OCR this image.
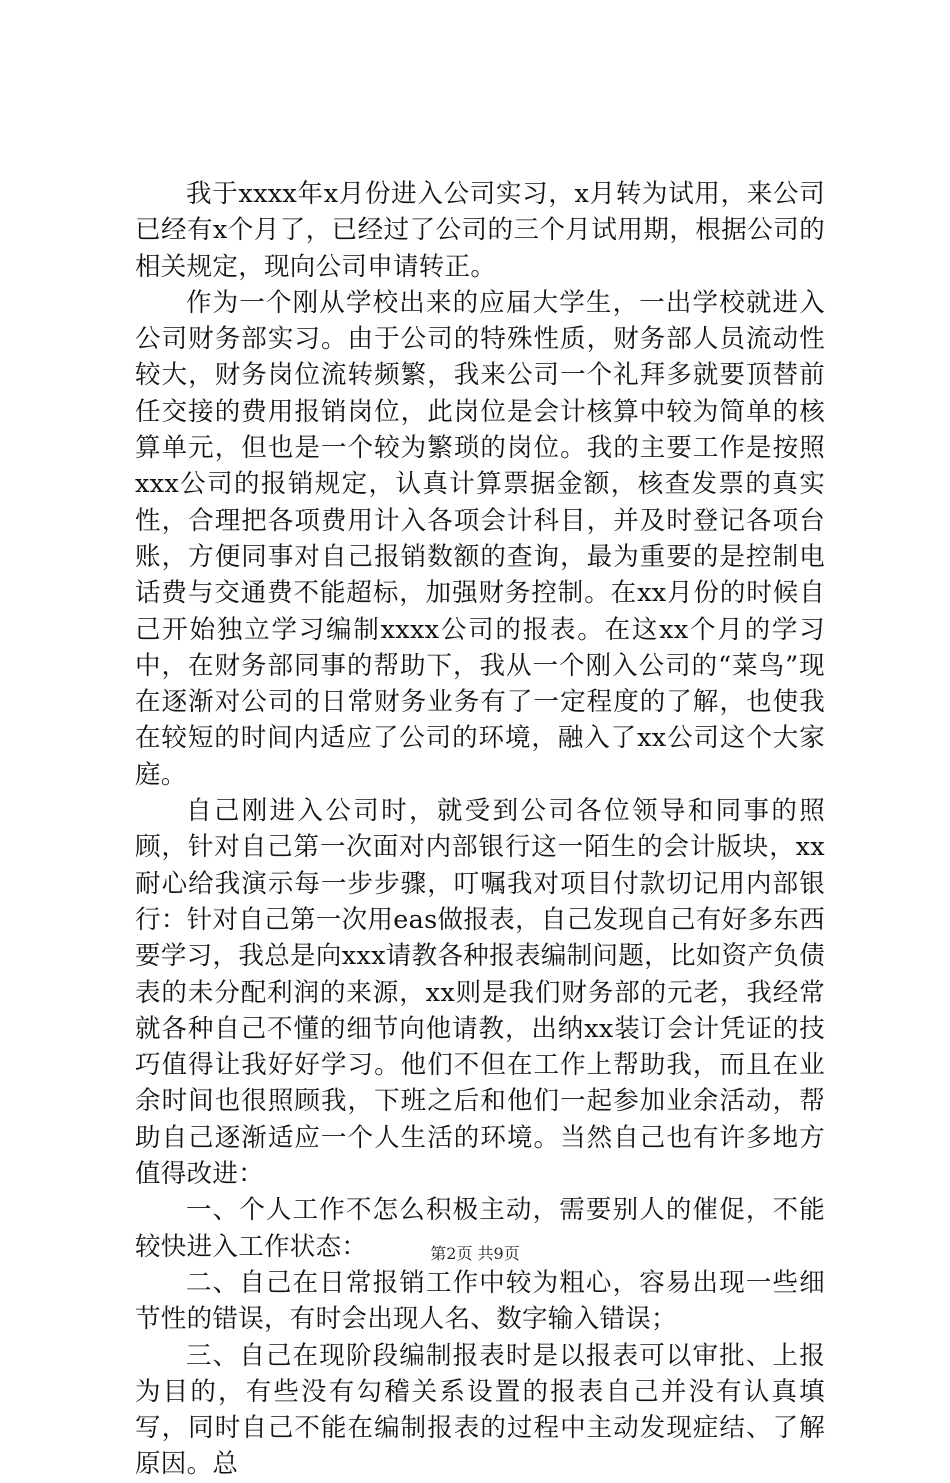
我于xxxx年x月份进入公司实习，x月转为试用，来公司已经有x个月了，已经过了公司的三个月试用期，根据公司的相关规定，现向公司申请转正。

作为一个刚从学校出来的应届大学生，一出学校就进入公司财务部实习。由于公司的特殊性质，财务部人员流动性较大，财务岗位流转频繁，我来公司一个礼拜多就要顶替前任交接的费用报销岗位，此岗位是会计核算中较为简单的核算单元，但也是一个较为繁琐的岗位。我的主要工作是按照xxx公司的报销规定，认真计算票据金额，核查发票的真实性，合理把各项费用计入各项会计科目，并及时登记各项台账，方便同事对自己报销数额的查询，最为重要的是控制电话费与交通费不能超标，加强财务控制。在xx月份的时候自己开始独立学习编制xxxx公司的报表。在这xx个月的学习中，在财务部同事的帮助下，我从一个刚入公司的“菜鸟”现在逐渐对公司的日常财务业务有了一定程度的了解，也使我在较短的时间内适应了公司的环境，融入了xx公司这个大家庭。

自己刚进入公司时，就受到公司各位领导和同事的照顾，针对自己第一次面对内部银行这一陌生的会计版块，xx耐心给我演示每一步步骤，叮嘱我对项目付款切记用内部银行：针对自己第一次用eas做报表，自己发现自己有好多东西要学习，我总是向xxx请教各种报表编制问题，比如资产负债表的未分配利润的来源，xx则是我们财务部的元老，我经常就各种自己不懂的细节向他请教，出纳xx装订会计凭证的技巧值得让我好好学习。他们不但在工作上帮助我，而且在业余时间也很照顾我，下班之后和他们一起参加业余活动，帮助自己逐渐适应一个人生活的环境。当然自己也有许多地方值得改进：

一、个人工作不怎么积极主动，需要别人的催促，不能较快进入工作状态：

二、自己在日常报销工作中较为粗心，容易出现一些细节性的错误，有时会出现人名、数字输入错误；

三、自己在现阶段编制报表时是以报表可以审批、上报为目的，有些没有勾稽关系设置的报表自己并没有认真填写，同时自己不能在编制报表的过程中主动发现症结、了解原因。总

第2页 共9页
